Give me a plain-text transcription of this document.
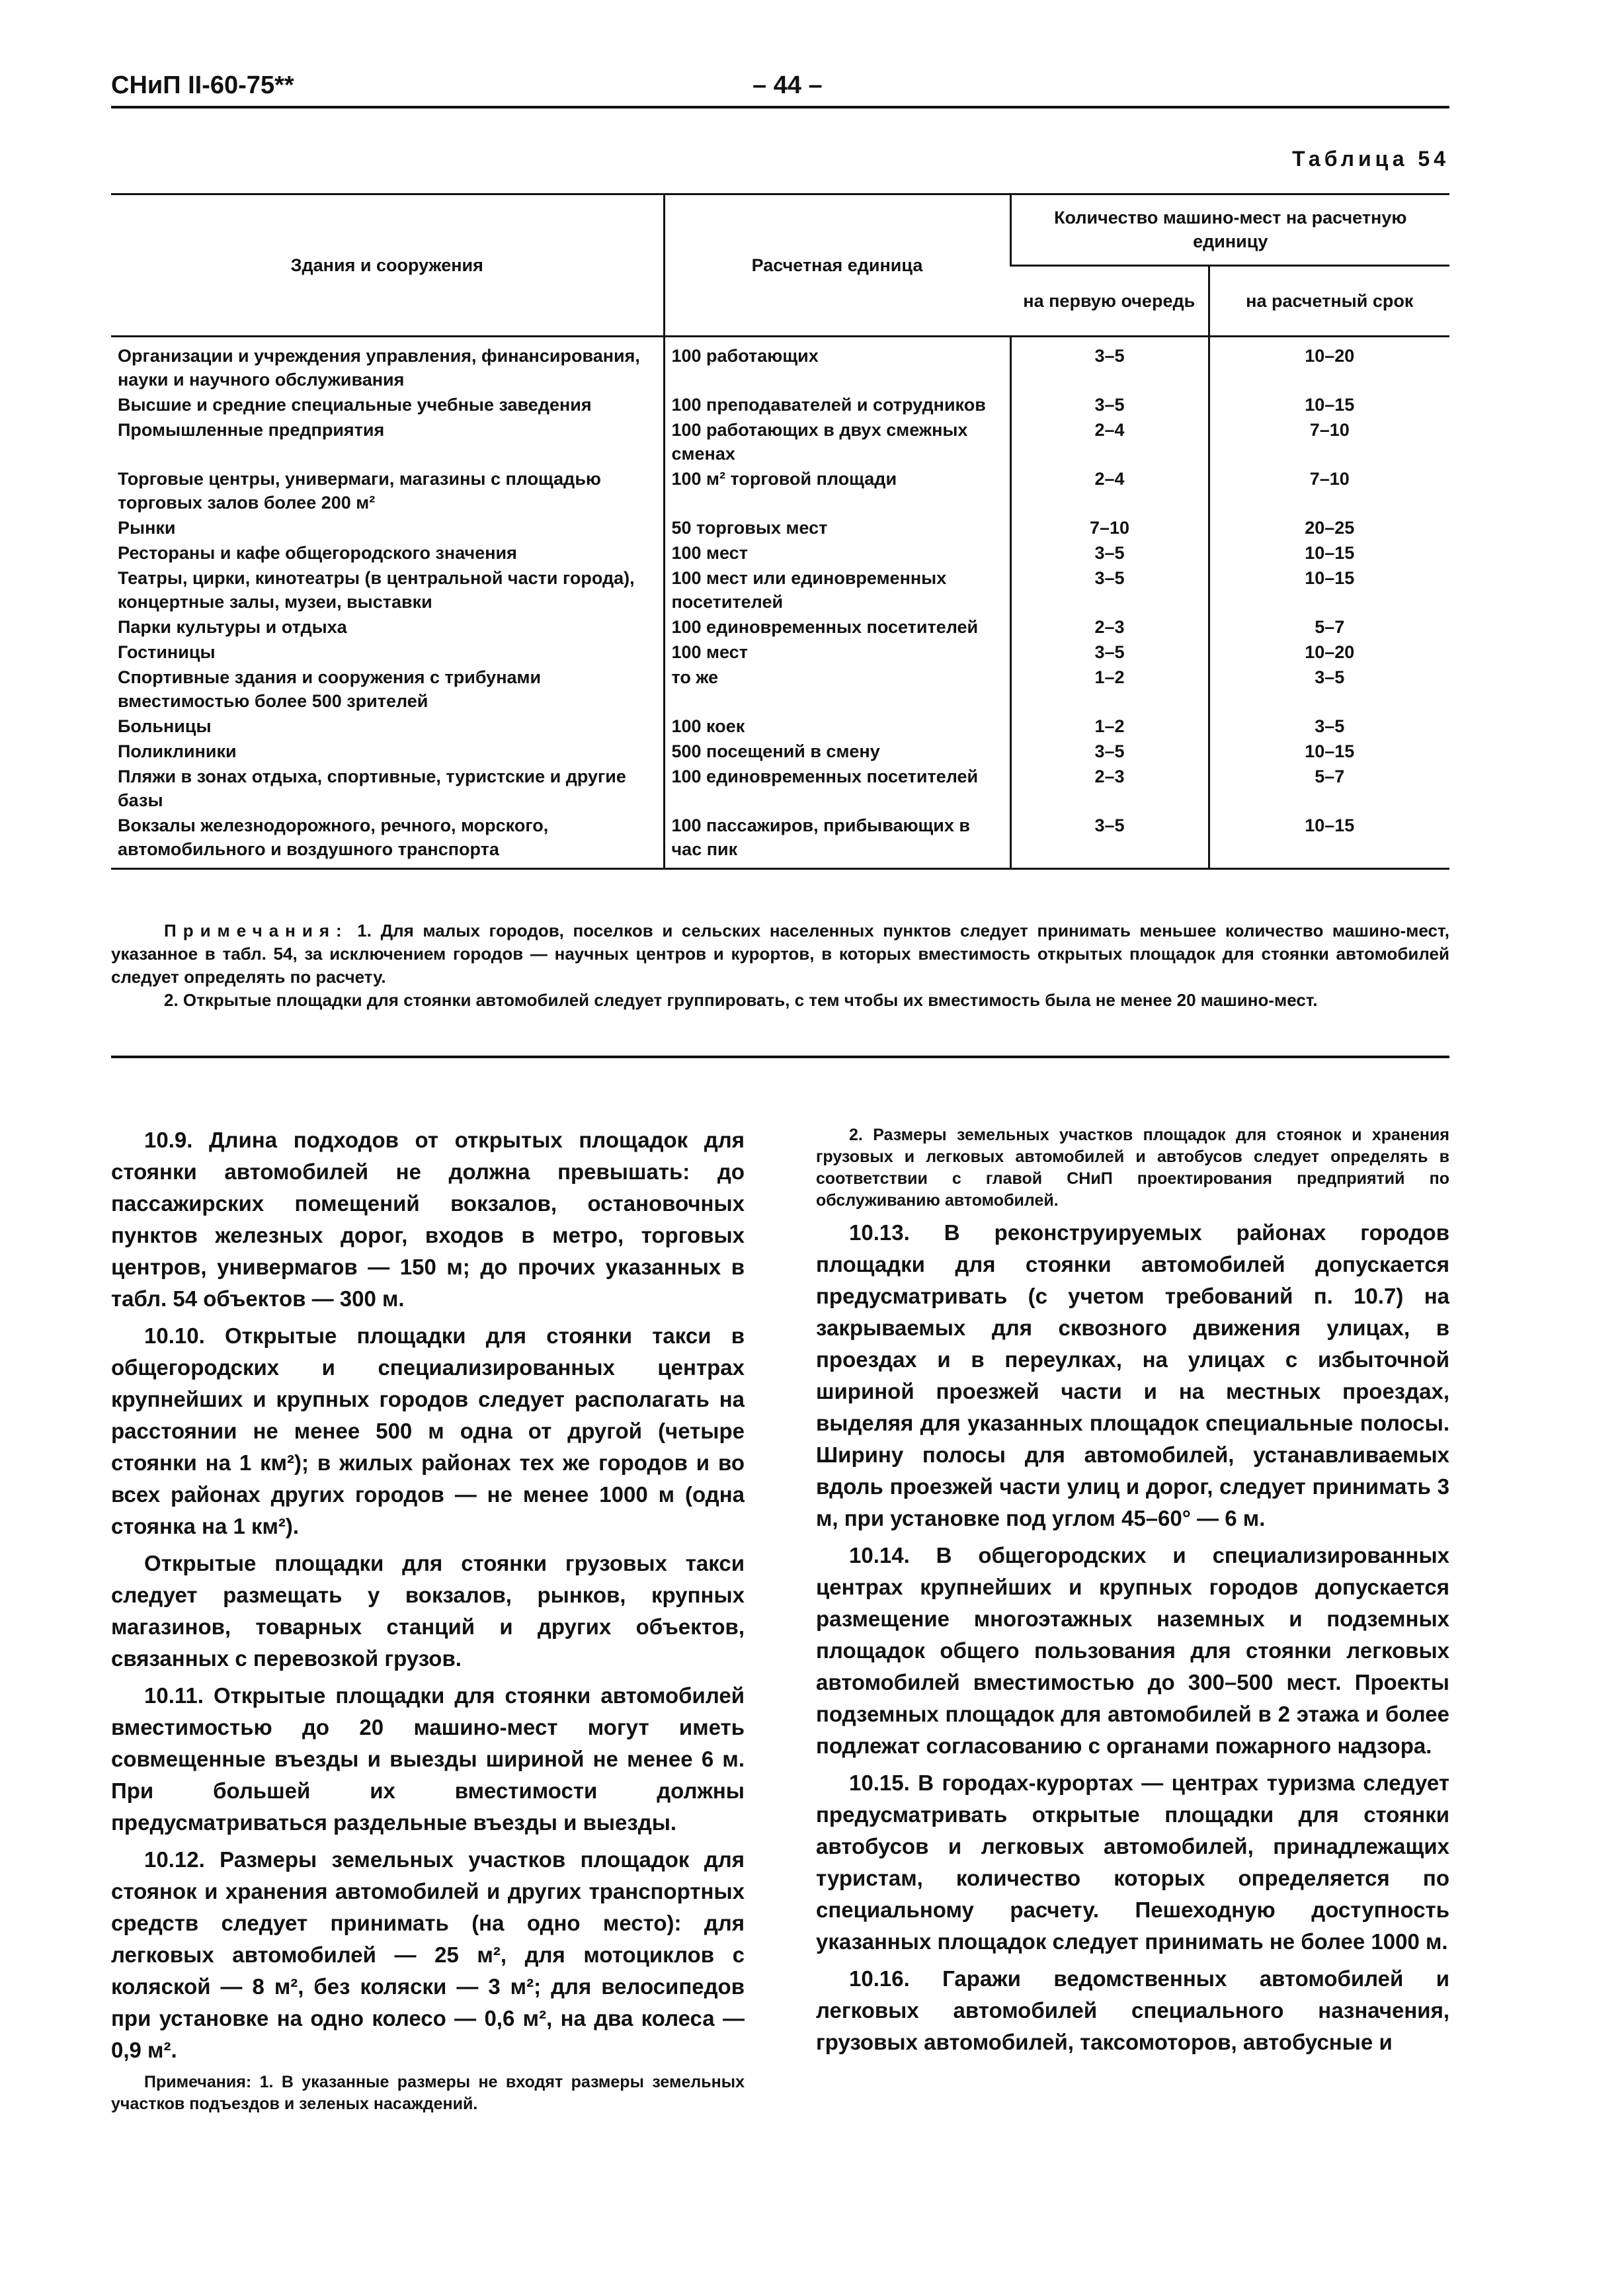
СНиП II-60-75**	– 44 –
Таблица 54
Здания и сооружения	Расчетная единица	Количество машино-мест на расчетную единицу	
		на первую очередь	на расчетный срок
Организации и учреждения управления, финансирования, науки и научного обслуживания	100 работающих	3–5	10–20
Высшие и средние специальные учебные заведения	100 преподавателей и сотрудников	3–5	10–15
Промышленные предприятия	100 работающих в двух смежных сменах	2–4	7–10
Торговые центры, универмаги, магазины с площадью торговых залов более 200 м²	100 м² торговой площади	2–4	7–10
Рынки	50 торговых мест	7–10	20–25
Рестораны и кафе общегородского значения	100 мест	3–5	10–15
Театры, цирки, кинотеатры (в центральной части города), концертные залы, музеи, выставки	100 мест или единовременных посетителей	3–5	10–15
Парки культуры и отдыха	100 единовременных посетителей	2–3	5–7
Гостиницы	100 мест	3–5	10–20
Спортивные здания и сооружения с трибунами вместимостью более 500 зрителей	то же	1–2	3–5
Больницы	100 коек	1–2	3–5
Поликлиники	500 посещений в смену	3–5	10–15
Пляжи в зонах отдыха, спортивные, туристские и другие базы	100 единовременных посетителей	2–3	5–7
Вокзалы железнодорожного, речного, морского, автомобильного и воздушного транспорта	100 пассажиров, прибывающих в час пик	3–5	10–15

Примечания: 1. Для малых городов, поселков и сельских населенных пунктов следует принимать меньшее количество машино-мест, указанное в табл. 54, за исключением городов — научных центров и курортов, в которых вместимость открытых площадок для стоянки автомобилей следует определять по расчету.

2. Открытые площадки для стоянки автомобилей следует группировать, с тем чтобы их вместимость была не менее 20 машино-мест.

10.9. Длина подходов от открытых площадок для стоянки автомобилей не должна превышать: до пассажирских помещений вокзалов, остановочных пунктов железных дорог, входов в метро, торговых центров, универмагов — 150 м; до прочих указанных в табл. 54 объектов — 300 м.

10.10. Открытые площадки для стоянки такси в общегородских и специализированных центрах крупнейших и крупных городов следует располагать на расстоянии не менее 500 м одна от другой (четыре стоянки на 1 км²); в жилых районах тех же городов и во всех районах других городов — не менее 1000 м (одна стоянка на 1 км²).

Открытые площадки для стоянки грузовых такси следует размещать у вокзалов, рынков, крупных магазинов, товарных станций и других объектов, связанных с перевозкой грузов.

10.11. Открытые площадки для стоянки автомобилей вместимостью до 20 машино-мест могут иметь совмещенные въезды и выезды шириной не менее 6 м. При большей их вместимости должны предусматриваться раздельные въезды и выезды.

10.12. Размеры земельных участков площадок для стоянок и хранения автомобилей и других транспортных средств следует принимать (на одно место): для легковых автомобилей — 25 м², для мотоциклов с коляской — 8 м², без коляски — 3 м²; для велосипедов при установке на одно колесо — 0,6 м², на два колеса — 0,9 м².

Примечания: 1. В указанные размеры не входят размеры земельных участков подъездов и зеленых насаждений.

2. Размеры земельных участков площадок для стоянок и хранения грузовых и легковых автомобилей и автобусов следует определять в соответствии с главой СНиП проектирования предприятий по обслуживанию автомобилей.

10.13. В реконструируемых районах городов площадки для стоянки автомобилей допускается предусматривать (с учетом требований п. 10.7) на закрываемых для сквозного движения улицах, в проездах и в переулках, на улицах с избыточной шириной проезжей части и на местных проездах, выделяя для указанных площадок специальные полосы. Ширину полосы для автомобилей, устанавливаемых вдоль проезжей части улиц и дорог, следует принимать 3 м, при установке под углом 45–60° — 6 м.

10.14. В общегородских и специализированных центрах крупнейших и крупных городов допускается размещение многоэтажных наземных и подземных площадок общего пользования для стоянки легковых автомобилей вместимостью до 300–500 мест. Проекты подземных площадок для автомобилей в 2 этажа и более подлежат согласованию с органами пожарного надзора.

10.15. В городах-курортах — центрах туризма следует предусматривать открытые площадки для стоянки автобусов и легковых автомобилей, принадлежащих туристам, количество которых определяется по специальному расчету. Пешеходную доступность указанных площадок следует принимать не более 1000 м.

10.16. Гаражи ведомственных автомобилей и легковых автомобилей специального назначения, грузовых автомобилей, таксомоторов, автобусные и
